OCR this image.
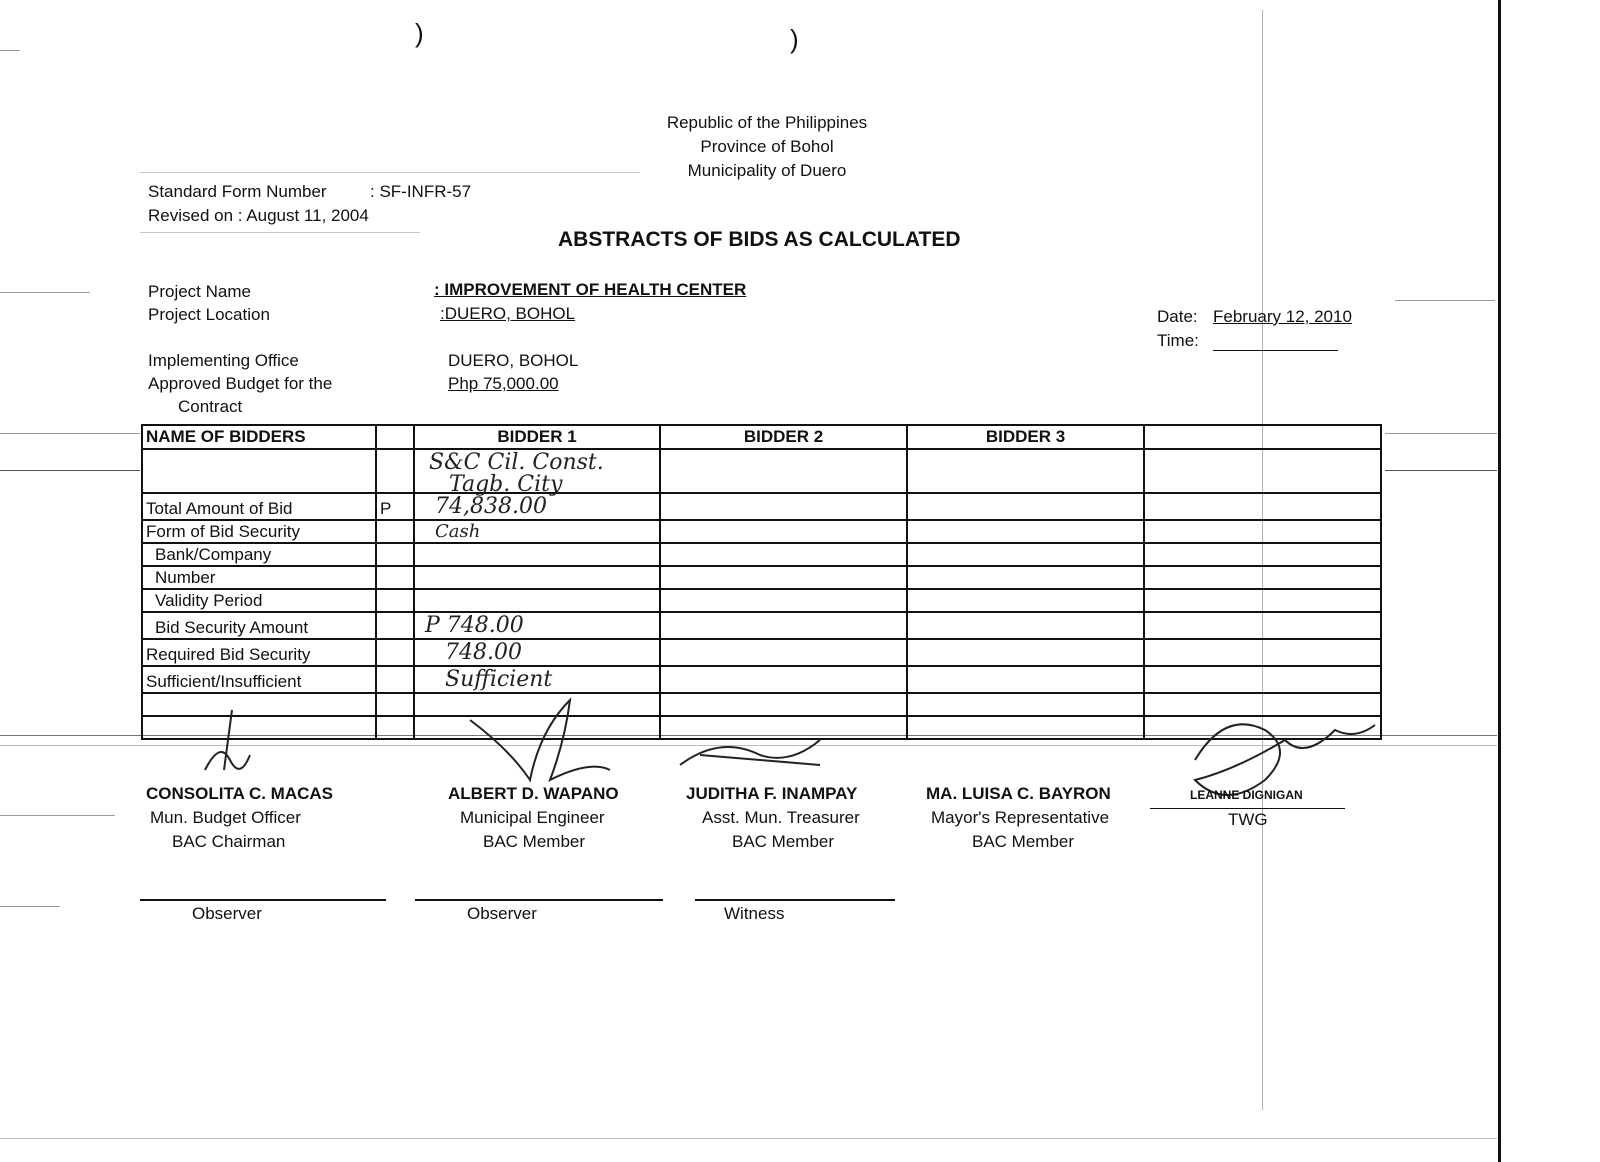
)	)
Republic of the Philippines
Province of Bohol
Municipality of Duero
Standard Form Number	: SF-INFR-57
Revised on : August 11, 2004
ABSTRACTS OF BIDS AS CALCULATED
Project Name	: IMPROVEMENT OF HEALTH CENTER
Project Location	:DUERO, BOHOL
Implementing Office	DUERO, BOHOL
Approved Budget for the
Contract
Php 75,000.00
Date: February 12, 2010
Time:
NAME OF BIDDERS		BIDDER 1	BIDDER 2	BIDDER 3	

		S&C Cil. Const.
Tagb. City			

Total Amount of Bid	P	74,838.00			
Form of Bid Security		Cash			
Bank/Company					
Number					
Validity Period					
Bid Security Amount		P 748.00			
Required Bid Security		748.00			
Sufficient/Insufficient		Sufficient			

CONSOLITA C. MACAS
Mun. Budget Officer
BAC Chairman
ALBERT D. WAPANO
Municipal Engineer
BAC Member
JUDITHA F. INAMPAY
Asst. Mun. Treasurer
BAC Member
MA. LUISA C. BAYRON
Mayor's Representative
BAC Member
LEANNE DIGNIGAN
TWG
Observer	Observer	Witness
